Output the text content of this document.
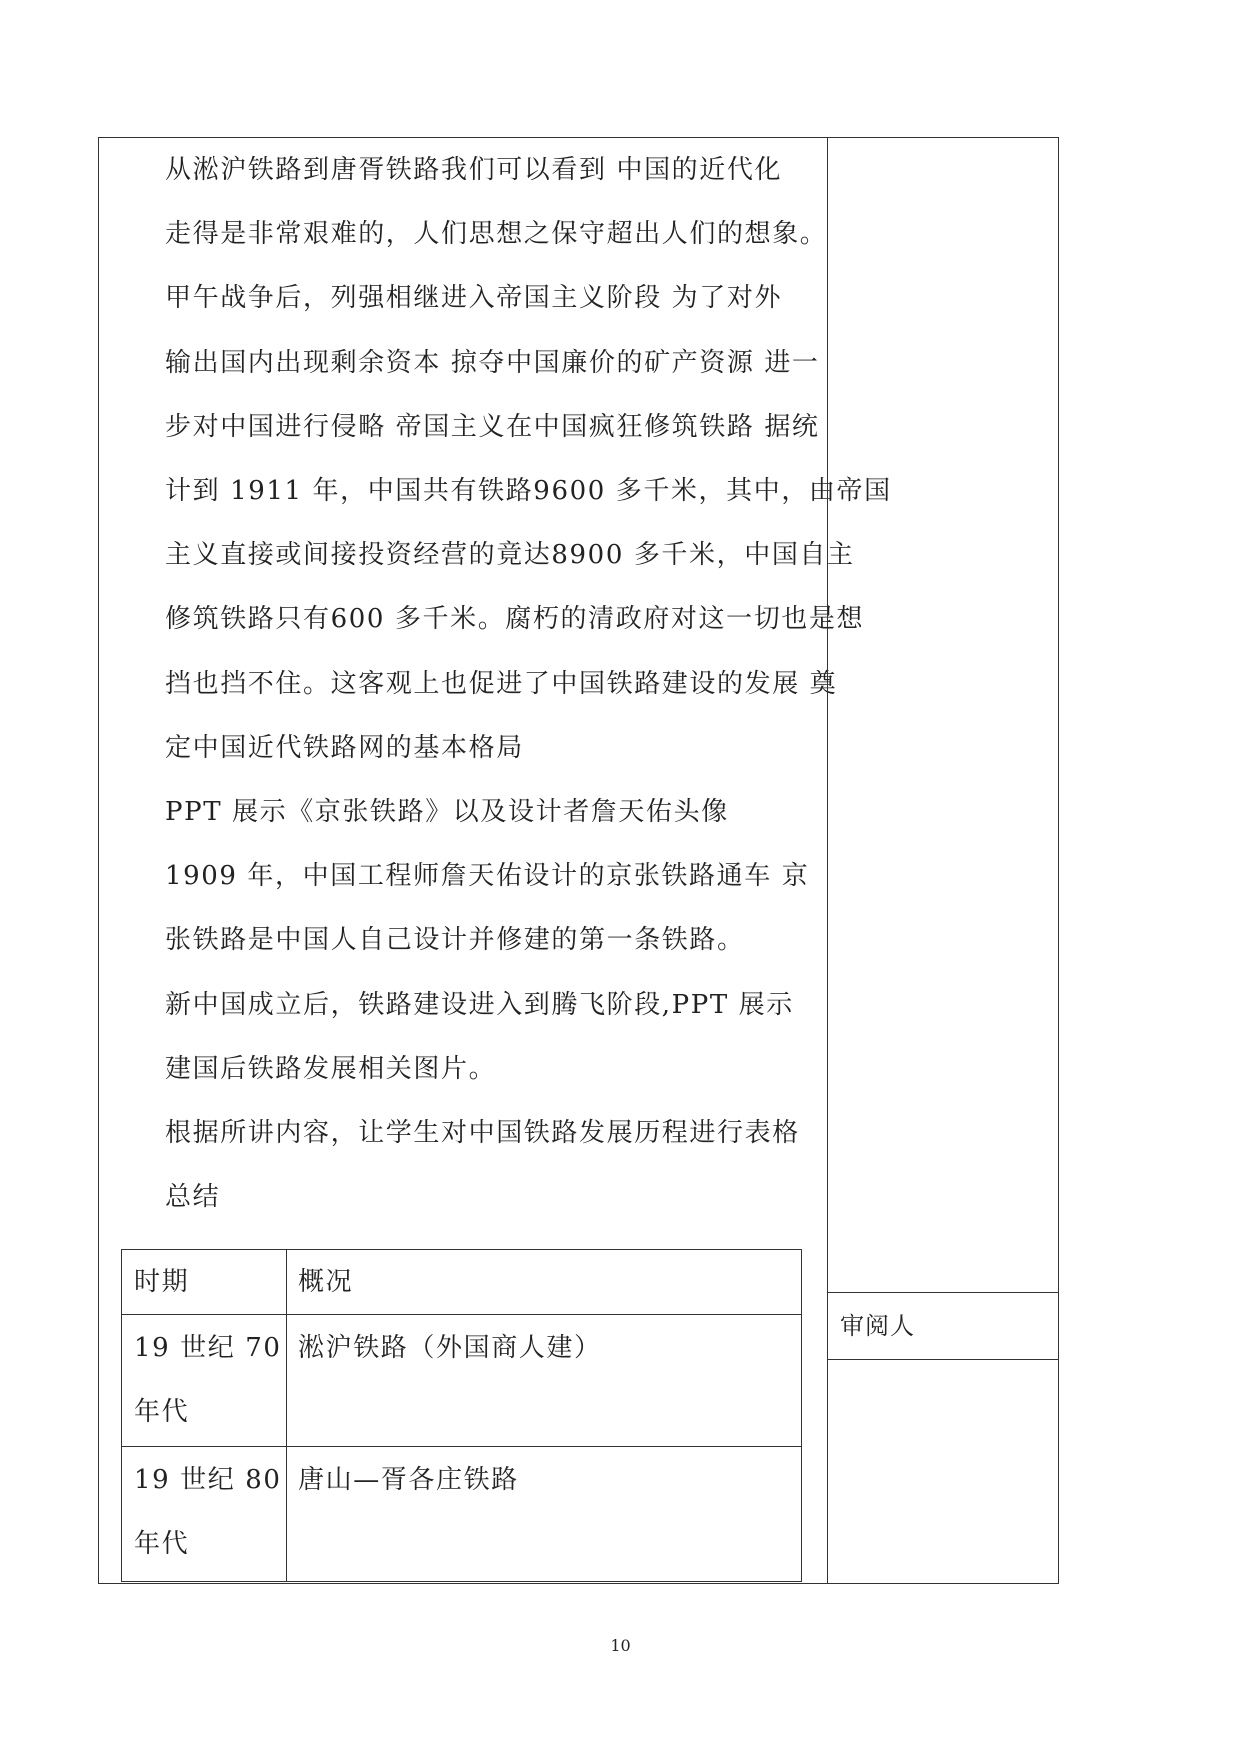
从淞沪铁路到唐胥铁路我们可以看到 中国的近代化
走得是非常艰难的，人们思想之保守超出人们的想象。

甲午战争后，列强相继进入帝国主义阶段 为了对外
输出国内出现剩余资本 掠夺中国廉价的矿产资源 进一
步对中国进行侵略 帝国主义在中国疯狂修筑铁路 据统
计到 1911 年，中国共有铁路9600 多千米，其中，由帝国
主义直接或间接投资经营的竟达8900 多千米，中国自主
修筑铁路只有600 多千米。腐朽的清政府对这一切也是想
挡也挡不住。这客观上也促进了中国铁路建设的发展 奠
定中国近代铁路网的基本格局

PPT 展示《京张铁路》以及设计者詹天佑头像

1909 年，中国工程师詹天佑设计的京张铁路通车 京
张铁路是中国人自己设计并修建的第一条铁路。

新中国成立后，铁路建设进入到腾飞阶段,PPT 展示
建国后铁路发展相关图片。

根据所讲内容，让学生对中国铁路发展历程进行表格
总结

时期	概况
19 世纪 70
年代
淞沪铁路（外国商人建）
19 世纪 80
年代
唐山—胥各庄铁路
审阅人
10
